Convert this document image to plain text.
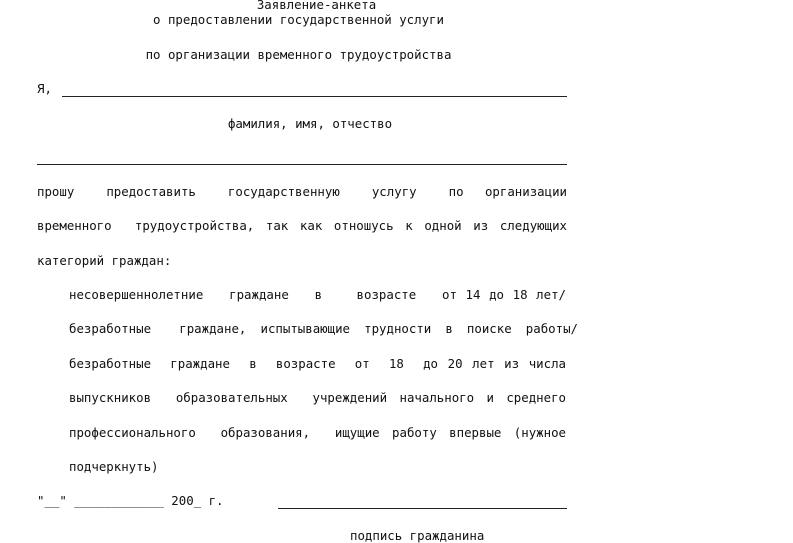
Заявление-анкета
о предоставлении государственной услуги
по организации временного трудоустройства
Я,
фамилия, имя, отчество
прошу   предоставить   государственную   услугу   по  организации
временного  трудоустройства, так как отношусь к одной из следующих
категорий граждан:
несовершеннолетние   граждане   в    возрасте   от 14 до 18 лет/
безработные  граждане, испытывающие трудности в поиске работы/
безработные  граждане  в  возрасте  от  18  до 20 лет из числа
выпускников  образовательных  учреждений начального и среднего
профессионального  образования,  ищущие работу впервые (нужное
подчеркнуть)
"__" ____________ 200_ г.
подпись гражданина
